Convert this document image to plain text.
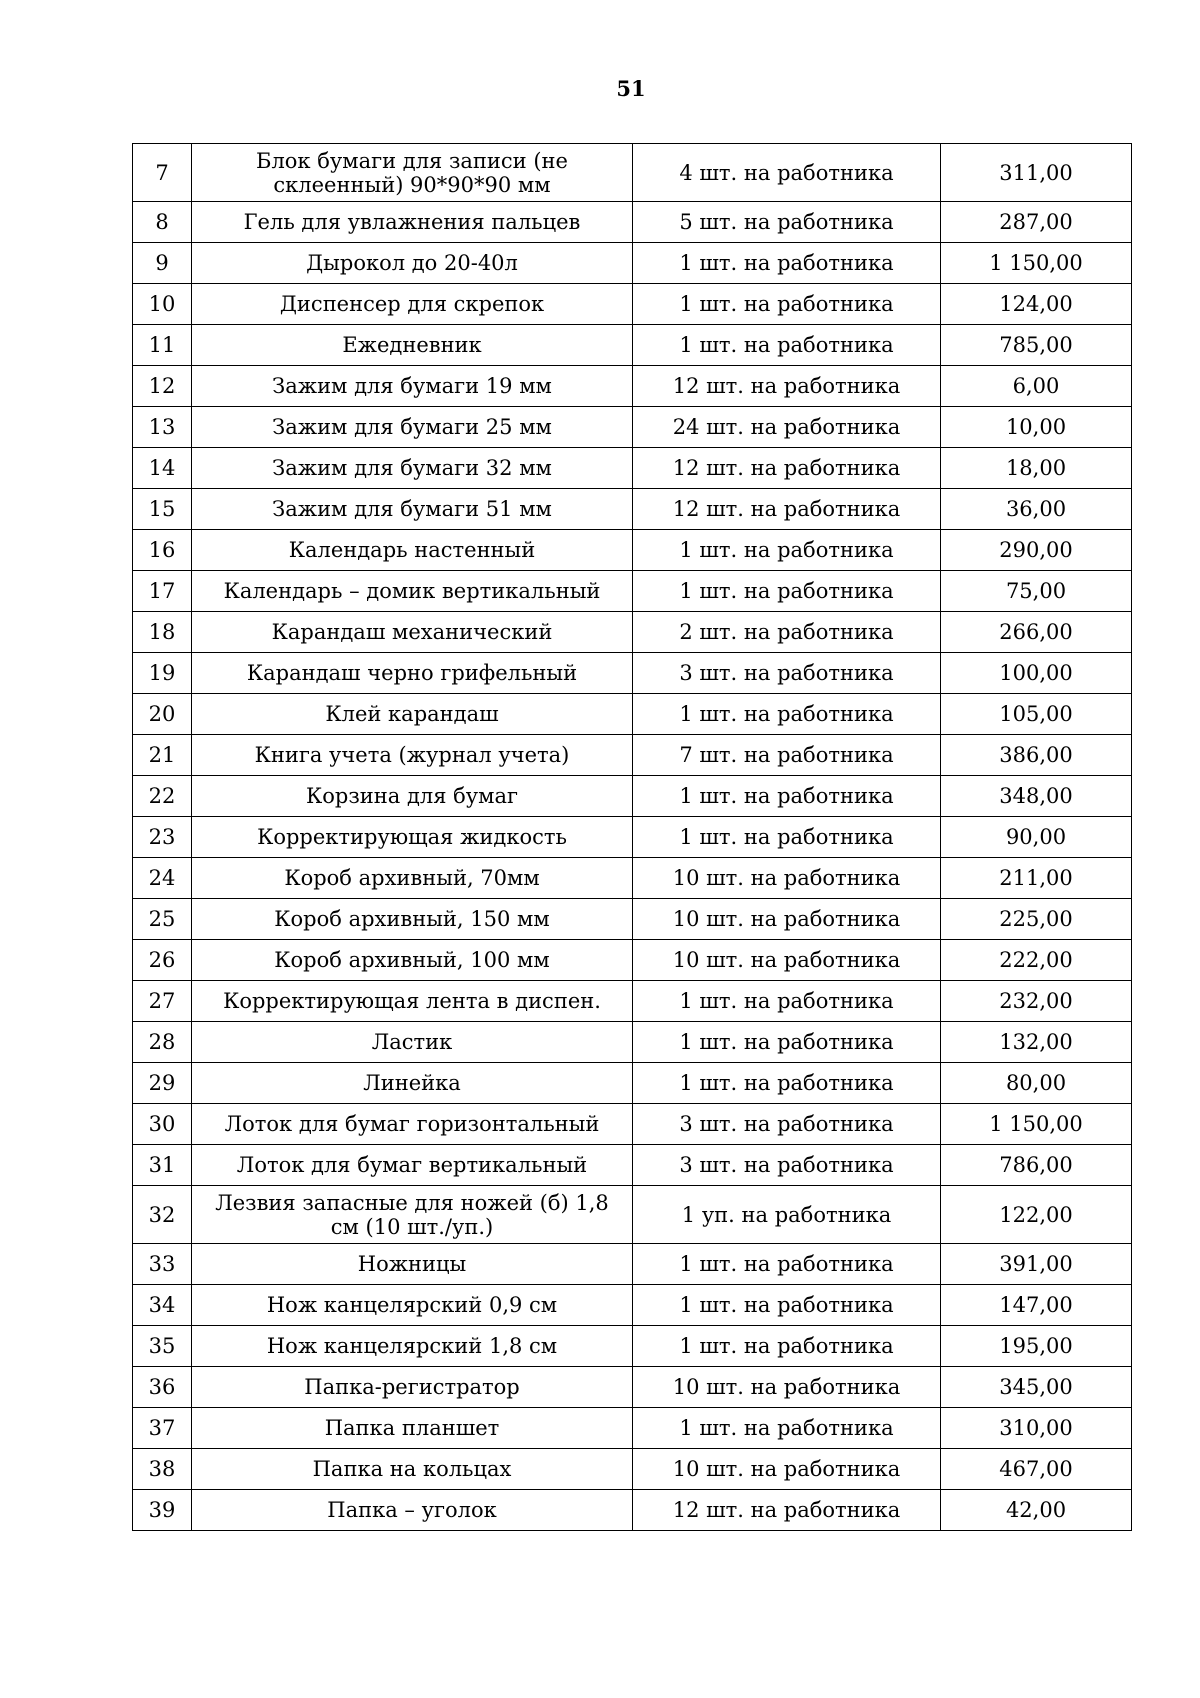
51
7	Блок бумаги для записи (не склеенный) 90*90*90 мм	4 шт. на работника	311,00
8	Гель для увлажнения пальцев	5 шт. на работника	287,00
9	Дырокол до 20-40л	1 шт. на работника	1 150,00
10	Диспенсер для скрепок	1 шт. на работника	124,00
11	Ежедневник	1 шт. на работника	785,00
12	Зажим для бумаги 19 мм	12 шт. на работника	6,00
13	Зажим для бумаги 25 мм	24 шт. на работника	10,00
14	Зажим для бумаги 32 мм	12 шт. на работника	18,00
15	Зажим для бумаги 51 мм	12 шт. на работника	36,00
16	Календарь настенный	1 шт. на работника	290,00
17	Календарь – домик вертикальный	1 шт. на работника	75,00
18	Карандаш механический	2 шт. на работника	266,00
19	Карандаш черно грифельный	3 шт. на работника	100,00
20	Клей карандаш	1 шт. на работника	105,00
21	Книга учета (журнал учета)	7 шт. на работника	386,00
22	Корзина для бумаг	1 шт. на работника	348,00
23	Корректирующая жидкость	1 шт. на работника	90,00
24	Короб архивный, 70мм	10 шт. на работника	211,00
25	Короб архивный, 150 мм	10 шт. на работника	225,00
26	Короб архивный, 100 мм	10 шт. на работника	222,00
27	Корректирующая лента в диспен.	1 шт. на работника	232,00
28	Ластик	1 шт. на работника	132,00
29	Линейка	1 шт. на работника	80,00
30	Лоток для бумаг горизонтальный	3 шт. на работника	1 150,00
31	Лоток для бумаг вертикальный	3 шт. на работника	786,00
32	Лезвия запасные для ножей (б) 1,8 см (10 шт./уп.)	1 уп. на работника	122,00
33	Ножницы	1 шт. на работника	391,00
34	Нож канцелярский 0,9 см	1 шт. на работника	147,00
35	Нож канцелярский 1,8 см	1 шт. на работника	195,00
36	Папка-регистратор	10 шт. на работника	345,00
37	Папка планшет	1 шт. на работника	310,00
38	Папка на кольцах	10 шт. на работника	467,00
39	Папка – уголок	12 шт. на работника	42,00
